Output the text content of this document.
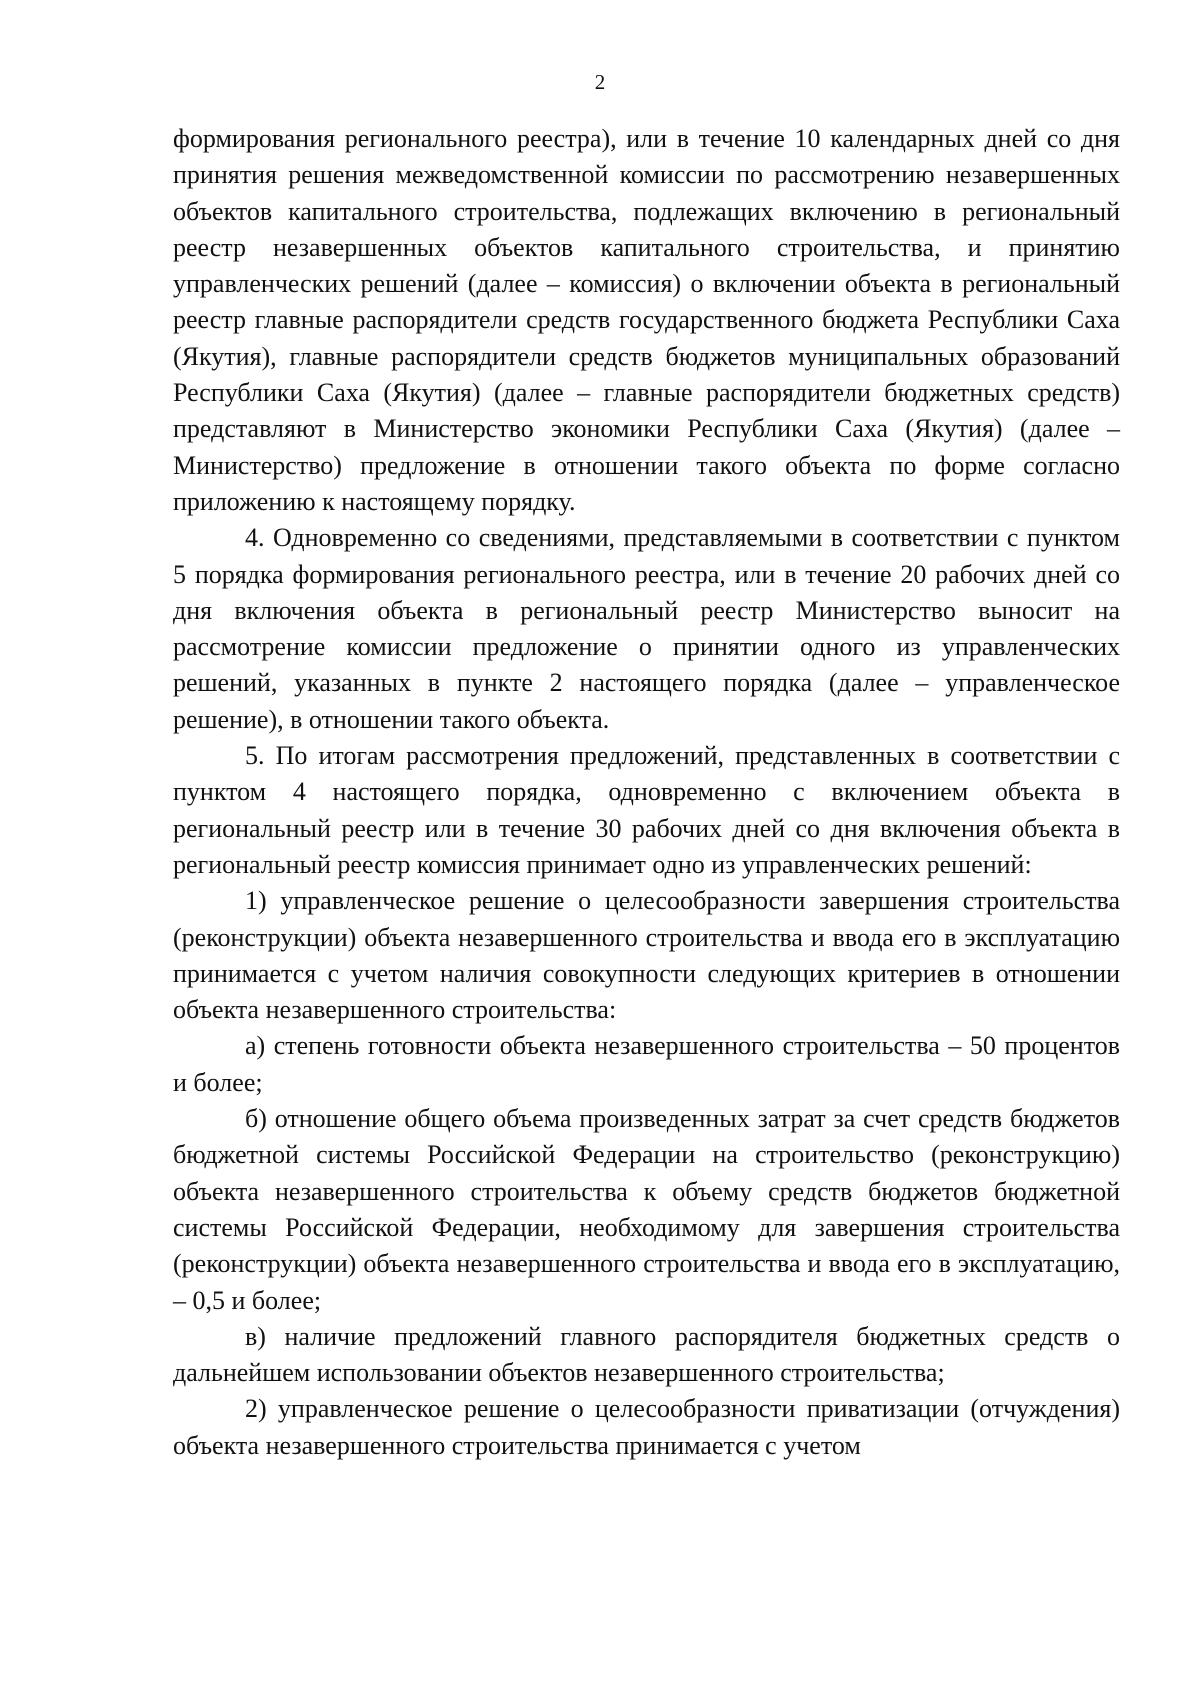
2

формирования регионального реестра), или в течение 10 календарных дней со дня принятия решения межведомственной комиссии по рассмотрению незавершенных объектов капитального строительства, подлежащих включению в региональный реестр незавершенных объектов капитального строительства, и принятию управленческих решений (далее – комиссия) о включении объекта в региональный реестр главные распорядители средств государственного бюджета Республики Саха (Якутия), главные распорядители средств бюджетов муниципальных образований Республики Саха (Якутия) (далее – главные распорядители бюджетных средств) представляют в Министерство экономики Республики Саха (Якутия) (далее – Министерство) предложение в отношении такого объекта по форме согласно приложению к настоящему порядку.

4. Одновременно со сведениями, представляемыми в соответствии с пунктом 5 порядка формирования регионального реестра, или в течение 20 рабочих дней со дня включения объекта в региональный реестр Министерство выносит на рассмотрение комиссии предложение о принятии одного из управленческих решений, указанных в пункте 2 настоящего порядка (далее – управленческое решение), в отношении такого объекта.

5. По итогам рассмотрения предложений, представленных в соответствии с пунктом 4 настоящего порядка, одновременно с включением объекта в региональный реестр или в течение 30 рабочих дней со дня включения объекта в региональный реестр комиссия принимает одно из управленческих решений:

1) управленческое решение о целесообразности завершения строительства (реконструкции) объекта незавершенного строительства и ввода его в эксплуатацию принимается с учетом наличия совокупности следующих критериев в отношении объекта незавершенного строительства:

а) степень готовности объекта незавершенного строительства – 50 процентов и более;

б) отношение общего объема произведенных затрат за счет средств бюджетов бюджетной системы Российской Федерации на строительство (реконструкцию) объекта незавершенного строительства к объему средств бюджетов бюджетной системы Российской Федерации, необходимому для завершения строительства (реконструкции) объекта незавершенного строительства и ввода его в эксплуатацию, – 0,5 и более;

в) наличие предложений главного распорядителя бюджетных средств о дальнейшем использовании объектов незавершенного строительства;

2) управленческое решение о целесообразности приватизации (отчуждения) объекта незавершенного строительства принимается с учетом
